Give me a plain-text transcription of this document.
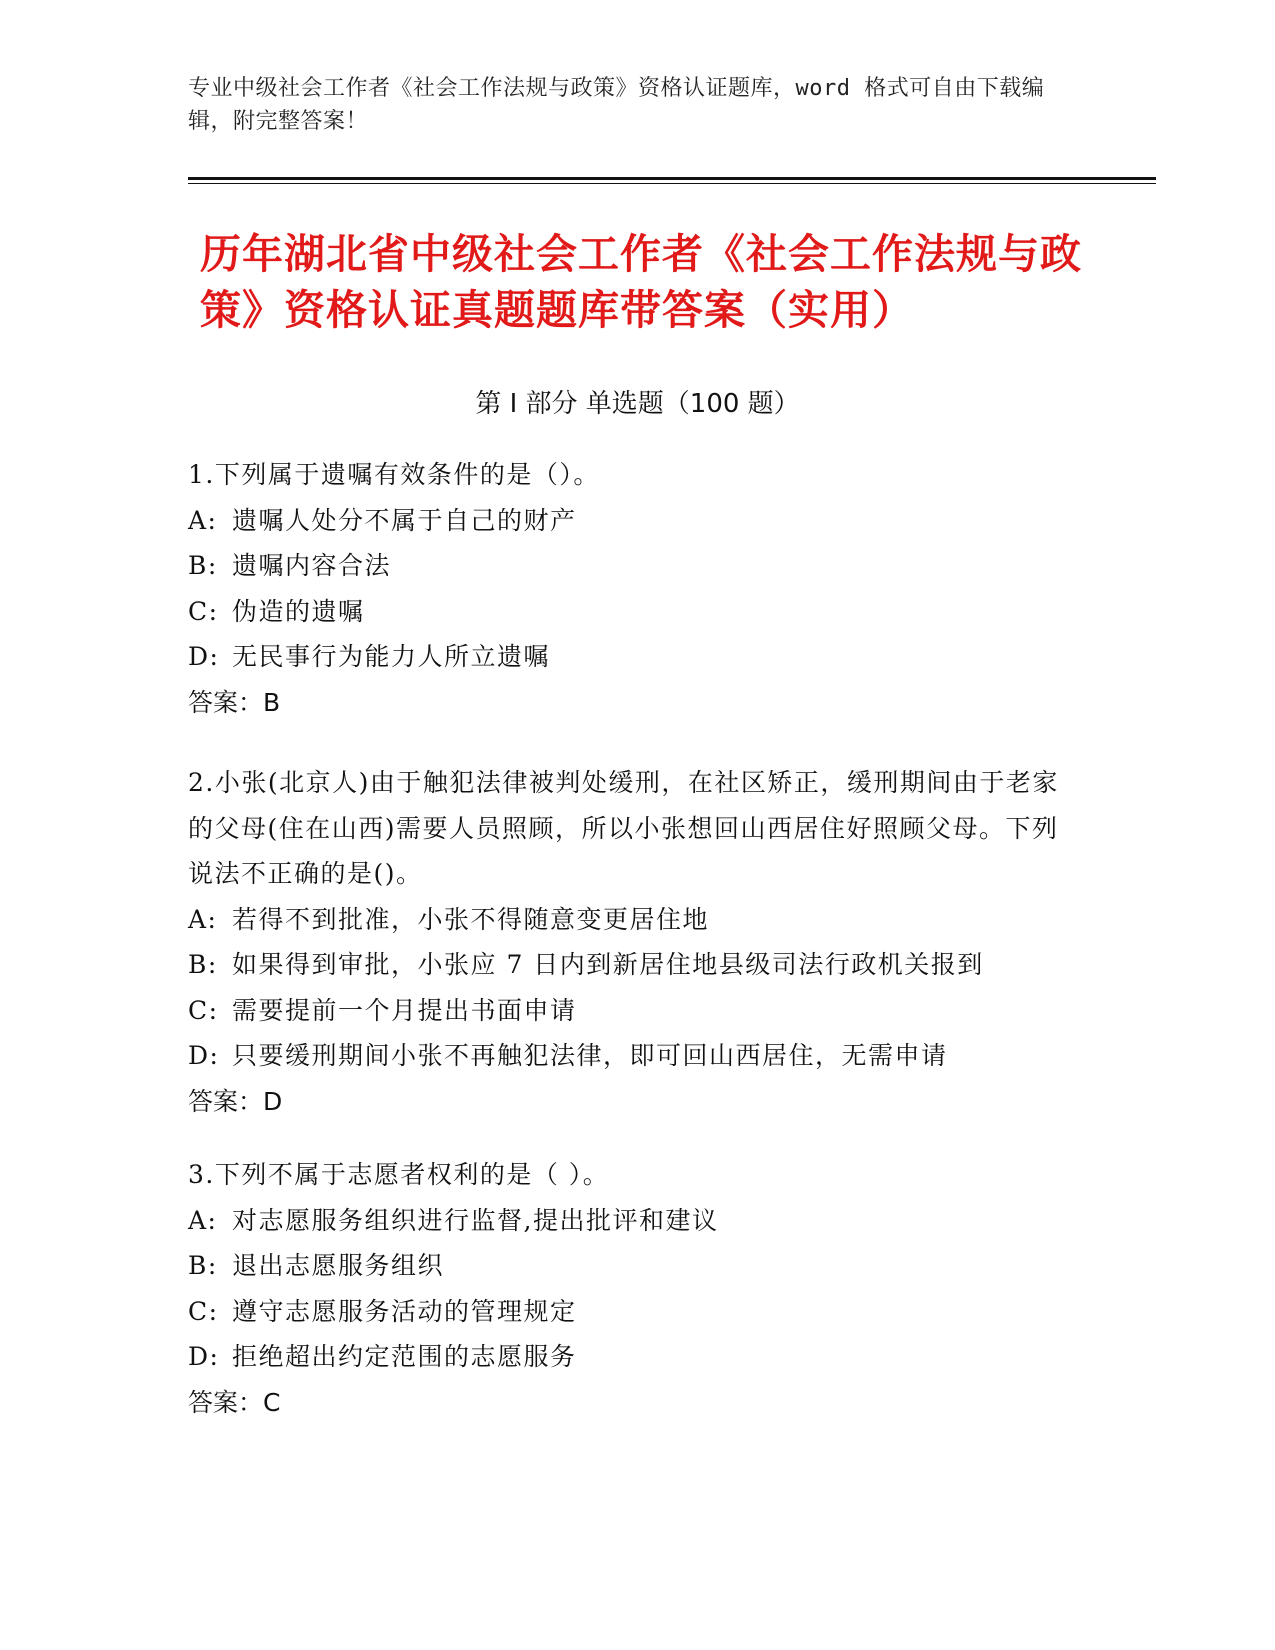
专业中级社会工作者《社会工作法规与政策》资格认证题库，word 格式可自由下载编辑，附完整答案！
历年湖北省中级社会工作者《社会工作法规与政策》资格认证真题题库带答案（实用）
第 I 部分 单选题（100 题）
1.下列属于遗嘱有效条件的是（）。
A: 遗嘱人处分不属于自己的财产
B: 遗嘱内容合法
C: 伪造的遗嘱
D: 无民事行为能力人所立遗嘱
答案：B
2.小张(北京人)由于触犯法律被判处缓刑，在社区矫正，缓刑期间由于老家的父母(住在山西)需要人员照顾，所以小张想回山西居住好照顾父母。下列说法不正确的是()。
A: 若得不到批准，小张不得随意变更居住地
B: 如果得到审批，小张应 7 日内到新居住地县级司法行政机关报到
C: 需要提前一个月提出书面申请
D: 只要缓刑期间小张不再触犯法律，即可回山西居住，无需申请
答案：D
3.下列不属于志愿者权利的是（ ）。
A: 对志愿服务组织进行监督,提出批评和建议
B: 退出志愿服务组织
C: 遵守志愿服务活动的管理规定
D: 拒绝超出约定范围的志愿服务
答案：C
